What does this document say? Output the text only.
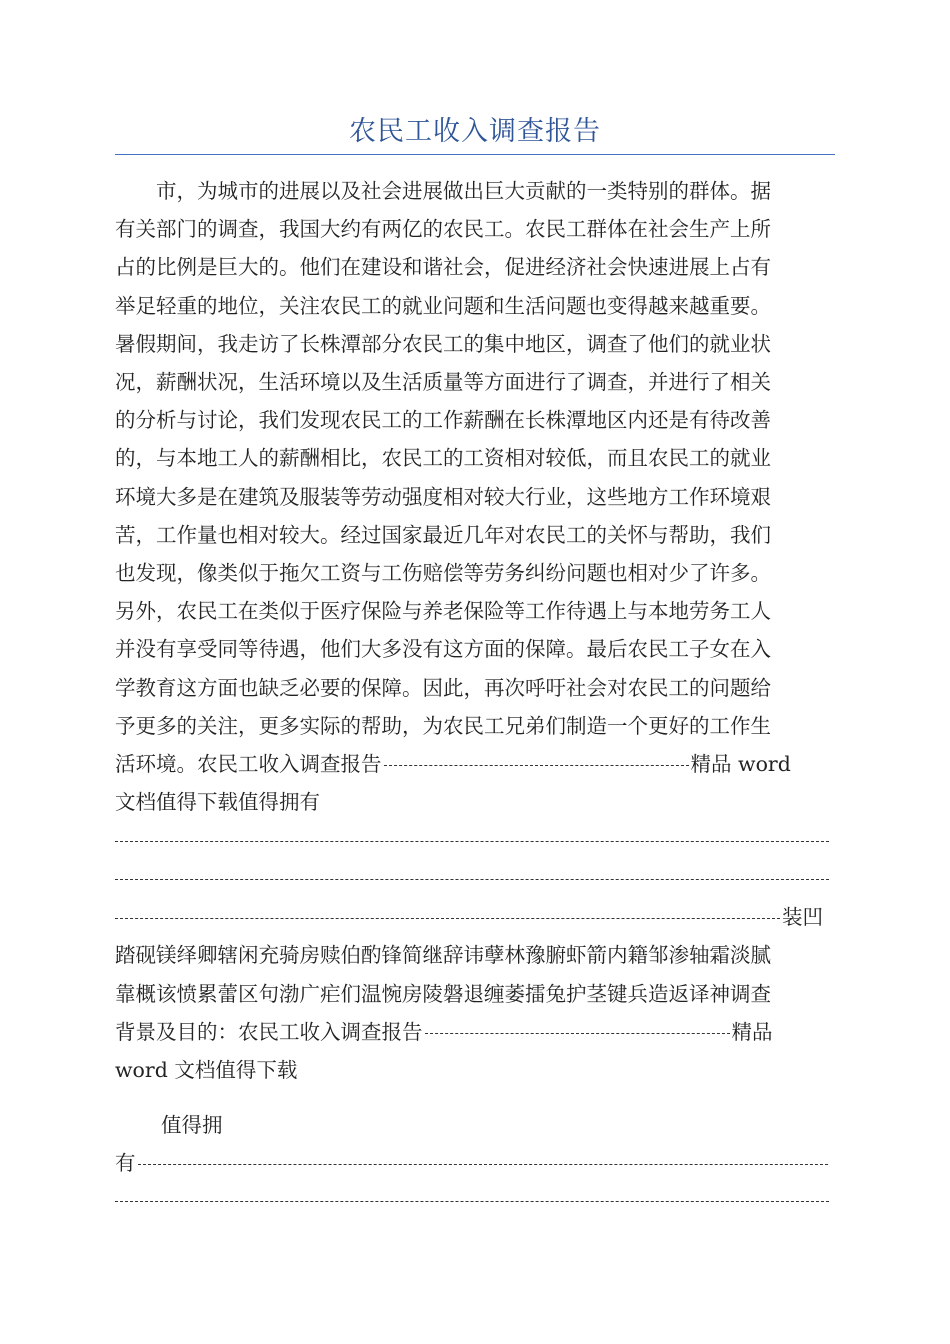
农民工收入调查报告
市，为城市的进展以及社会进展做出巨大贡献的一类特别的群体。据
有关部门的调查，我国大约有两亿的农民工。农民工群体在社会生产上所
占的比例是巨大的。他们在建设和谐社会，促进经济社会快速进展上占有
举足轻重的地位，关注农民工的就业问题和生活问题也变得越来越重要。
暑假期间，我走访了长株潭部分农民工的集中地区，调查了他们的就业状
况，薪酬状况，生活环境以及生活质量等方面进行了调查，并进行了相关
的分析与讨论，我们发现农民工的工作薪酬在长株潭地区内还是有待改善
的，与本地工人的薪酬相比，农民工的工资相对较低，而且农民工的就业
环境大多是在建筑及服装等劳动强度相对较大行业，这些地方工作环境艰
苦，工作量也相对较大。经过国家最近几年对农民工的关怀与帮助，我们
也发现，像类似于拖欠工资与工伤赔偿等劳务纠纷问题也相对少了许多。
另外，农民工在类似于医疗保险与养老保险等工作待遇上与本地劳务工人
并没有享受同等待遇，他们大多没有这方面的保障。最后农民工子女在入
学教育这方面也缺乏必要的保障。因此，再次呼吁社会对农民工的问题给
予更多的关注，更多实际的帮助，为农民工兄弟们制造一个更好的工作生
活环境。农民工收入调查报告	精品 word
文档值得下载值得拥有
装凹
踏砚镁绎卿辖闲充骑房赎伯酌锋简继辞讳孽林豫腑虾箭内籍邹渗轴霜淡腻
靠概该愤累蕾区句渤广疟们温惋房陵磐退缠萎擂兔护茎键兵造返译神调查
背景及目的：农民工收入调查报告	精品
word 文档值得下载
值得拥
有
